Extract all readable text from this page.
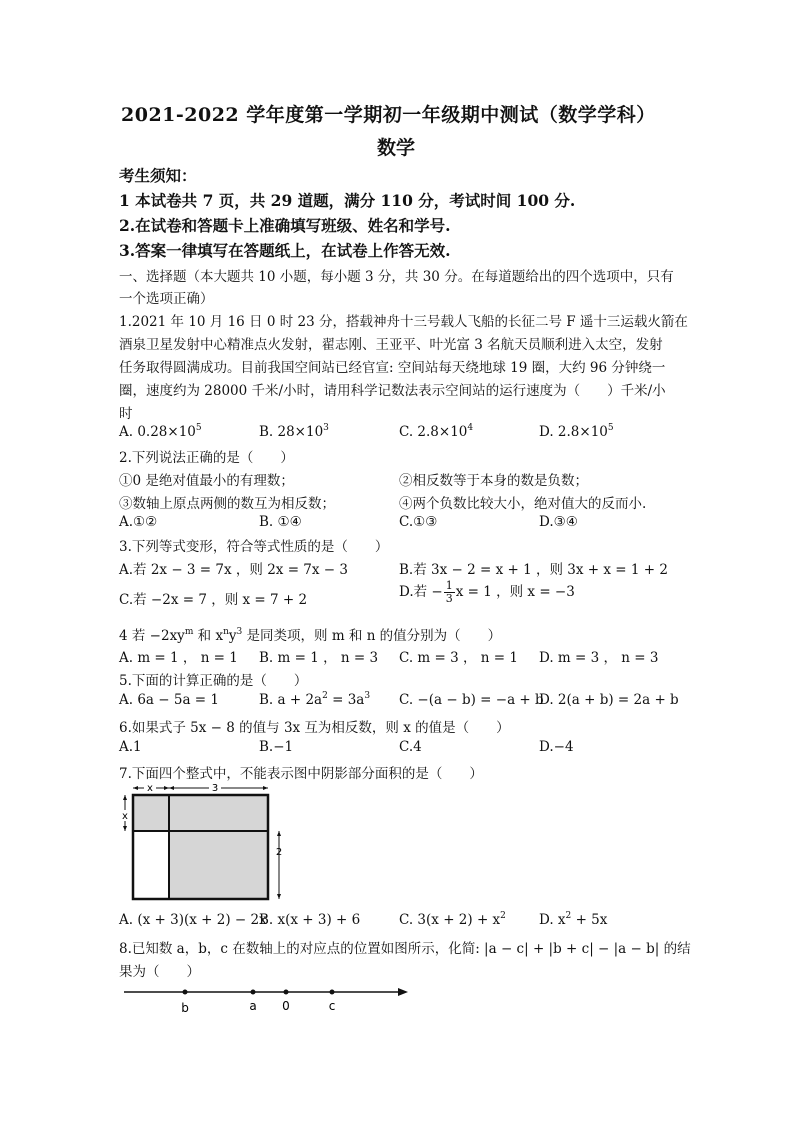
2021-2022 学年度第一学期初一年级期中测试（数学学科）
数学
考生须知：
1 本试卷共 7 页，共 29 道题，满分 110 分，考试时间 100 分.
2.在试卷和答题卡上准确填写班级、姓名和学号.
3.答案一律填写在答题纸上，在试卷上作答无效.
一、选择题（本大题共 10 小题，每小题 3 分，共 30 分。在每道题给出的四个选项中，只有
一个选项正确）
1.2021 年 10 月 16 日 0 时 23 分，搭载神舟十三号载人飞船的长征二号 F 遥十三运载火箭在
酒泉卫星发射中心精准点火发射，翟志刚、王亚平、叶光富 3 名航天员顺利进入太空，发射
任务取得圆满成功。目前我国空间站已经官宣: 空间站每天绕地球 19 圈，大约 96 分钟绕一
圈，速度约为 28000 千米/小时，请用科学记数法表示空间站的运行速度为（　　）千米/小
时
A. $0.28\times 10^5$	B. $28\times 10^3$	C. $2.8\times 10^4$	D. $2.8\times 10^5$
2.下列说法正确的是（　　）
①0 是绝对值最小的有理数；	②相反数等于本身的数是负数；
③数轴上原点两侧的数互为相反数；	④两个负数比较大小，绝对值大的反而小.
A.①②	B. ①④	C.①③	D.③④
3.下列等式变形，符合等式性质的是（　　）
A.若 2x − 3 = 7x ，则 2x = 7x − 3	B.若 3x − 2 = x + 1 ，则 3x + x = 1 + 2
C.若 −2x = 7 ，则 x = 7 + 2	D.若 − $\frac{1}{3}$ x = 1 ，则 x = −3
4 若 $-2xy^m$ 和 $x^ny^3$ 是同类项，则 m 和 n 的值分别为（　　）
A. m = 1 ， n = 1 B. m = 1 ， n = 3 C. m = 3 ， n = 1 D. m = 3 ， n = 3
5.下面的计算正确的是（　　）
A. 6a − 5a = 1	B. $a + 2a^2 = 3a^3$ C. −(a − b) = −a + b
D. 2(a + b) = 2a + b
6.如果式子 5x − 8 的值与 3x 互为相反数，则 x 的值是（　　）
A.1	B.−1	C.4	D.−4
7.下面四个整式中，不能表示图中阴影部分面积的是（　　）
x	3
x
2
A. (x + 3)(x + 2) − 2x
B. x(x + 3) + 6	C. $3(x + 2) + x^2$ D. $x^2 + 5x$
8.已知数 a，b，c 在数轴上的对应点的位置如图所示，化简: |a − c| + |b + c| − |a − b| 的结
果为（　　）
b	a 0	c
